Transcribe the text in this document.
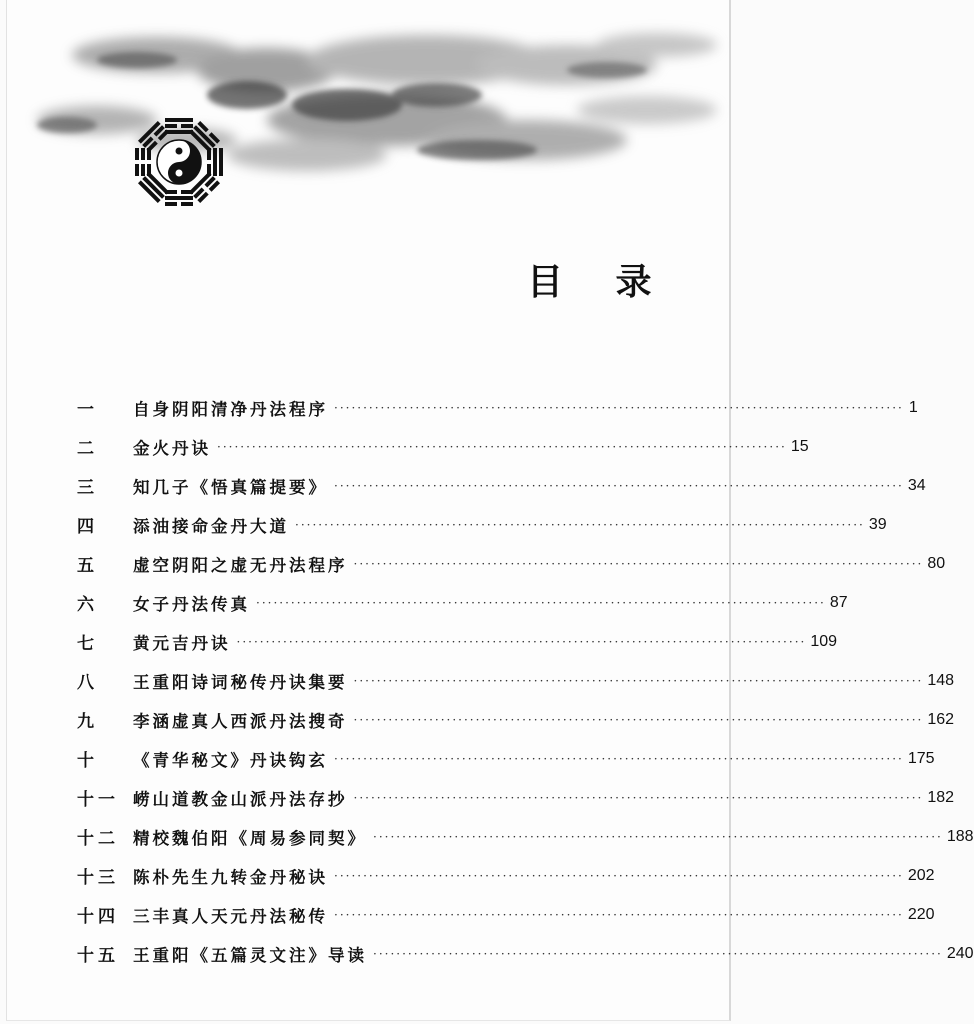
目 录
一	自身阴阳清净丹法程序 ·································································································· 1
二	金火丹诀 ·································································································· 15
三	知几子《悟真篇提要》 ·································································································· 34
四	添油接命金丹大道 ·································································································· 39
五	虚空阴阳之虚无丹法程序 ·································································································· 80
六	女子丹法传真 ·································································································· 87
七	黄元吉丹诀 ·································································································· 109
八	王重阳诗词秘传丹诀集要 ·································································································· 148
九	李涵虚真人西派丹法搜奇 ·································································································· 162
十	《青华秘文》丹诀钩玄 ·································································································· 175
十一 崂山道教金山派丹法存抄 ·································································································· 182
十二 精校魏伯阳《周易参同契》 ·································································································· 188
十三 陈朴先生九转金丹秘诀 ·································································································· 202
十四 三丰真人天元丹法秘传 ·································································································· 220
十五 王重阳《五篇灵文注》导读 ·································································································· 240
